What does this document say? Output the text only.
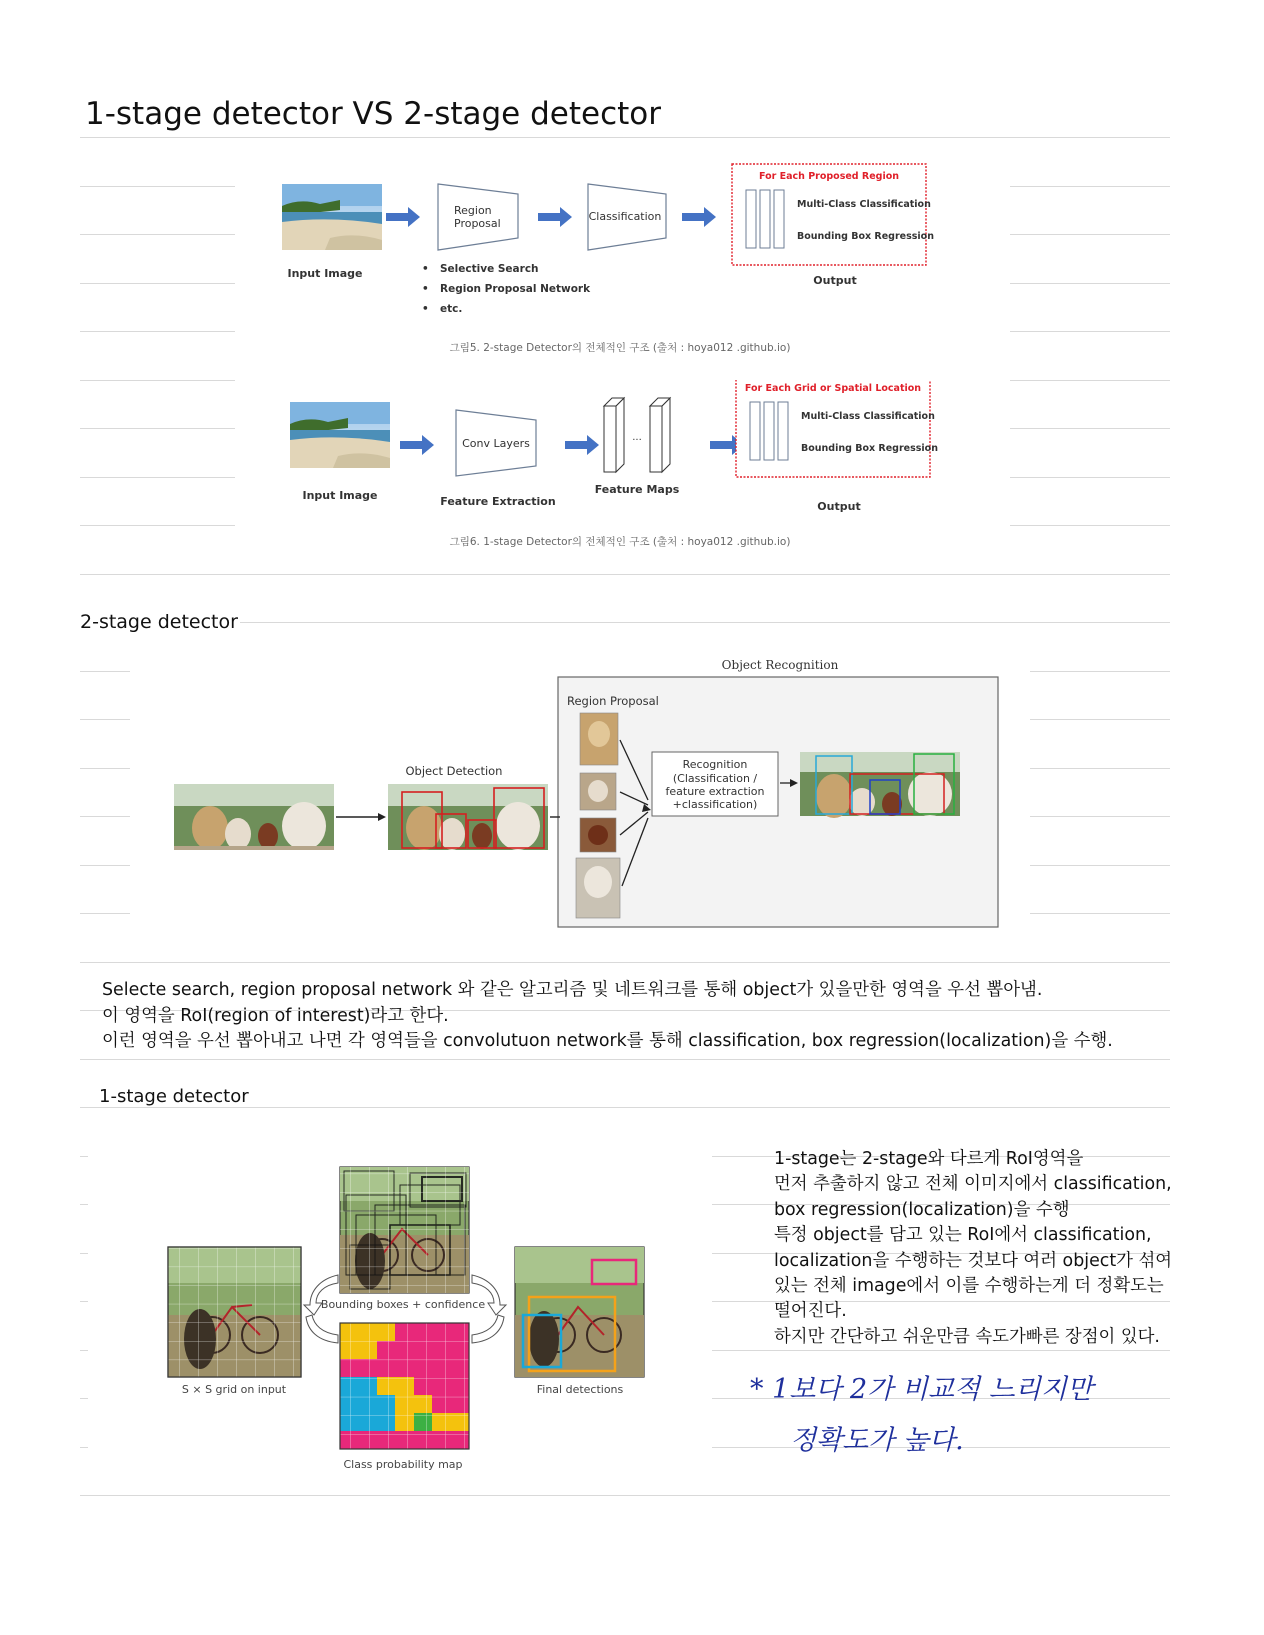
1-stage detector VS 2-stage detector
Input Image
Region
Proposal
Classification
• Selective Search
• Region Proposal Network
• etc.
For Each Proposed Region
Multi-Class Classification
Bounding Box Regression
Output
그림5. 2-stage Detector의 전체적인 구조 (출처 : hoya012 .github.io)
Input Image
Conv Layers
Feature Extraction
...
Feature Maps
For Each Grid or Spatial Location
Multi-Class Classification
Bounding Box Regression
Output
그림6. 1-stage Detector의 전체적인 구조 (출처 : hoya012 .github.io)
2-stage detector
Object Recognition
Region Proposal
Object Detection	Recognition
(Classification /
feature extraction
+classification)
Selecte search, region proposal network 와 같은 알고리즘 및 네트워크를 통해 object가 있을만한 영역을 우선 뽑아냄.
이 영역을 RoI(region of interest)라고 한다.
이런 영역을 우선 뽑아내고 나면 각 영역들을 convolutuon network를 통해 classification, box regression(localization)을 수행.
1-stage detector
S × S grid on input
Bounding boxes + confidence
Class probability map
Final detections
1-stage는 2-stage와 다르게 RoI영역을
먼저 추출하지 않고 전체 이미지에서 classification,
box regression(localization)을 수행
특정 object를 담고 있는 RoI에서 classification,
localization을 수행하는 것보다 여러 object가 섞여
있는 전체 image에서 이를 수행하는게 더 정확도는
떨어진다.
하지만 간단하고 쉬운만큼 속도가빠른 장점이 있다.
* 1보다 2가 비교적 느리지만
정확도가 높다.
